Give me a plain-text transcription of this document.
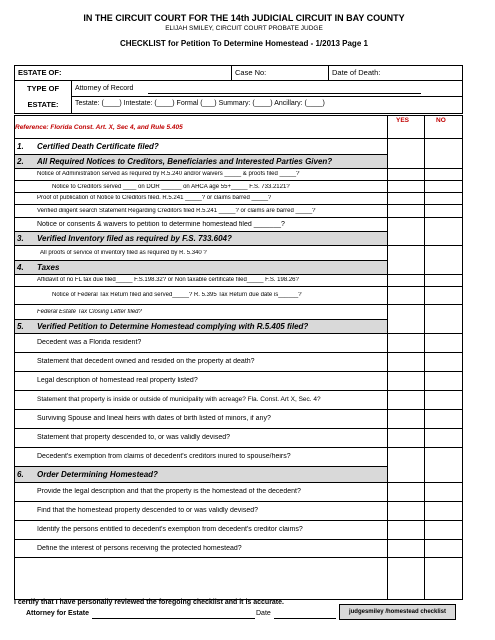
IN THE CIRCUIT COURT FOR THE 14th JUDICIAL CIRCUIT IN BAY COUNTY
ELIJAH SMILEY, CIRCUIT COURT PROBATE JUDGE
CHECKLIST for Petition To Determine Homestead - 1/2013 Page 1
ESTATE OF:	Case No:	Date of Death:
TYPE OF
ESTATE:
Attorney of Record
Testate: (____) Intestate: (____) Formal (___) Summary: (____) Ancillary: (____)
Reference: Florida Const. Art. X, Sec 4, and Rule 5.405
YES	NO
1. Certified Death Certificate filed?
2. All Required Notices to Creditors, Beneficiaries and Interested Parties Given?
Notice of Administration served as required by R.5.240 and/or waivers _____ & proofs filed _____?
Notice to Creditors served ____ on DOR ______ on AHCA age 55+_____ F.S. 733.2121?
Proof of publication of Notice to Creditors filed. R.5.241 _____? or claims barred _____?
Verified diligent search Statement Regarding Creditors filed R.5.241 _____? or claims are barred _____?
Notice or consents & waivers to petition to determine homestead filed _______?
3. Verified Inventory filed as required by F.S. 733.604?
All proofs of service of inventory filed as required by R. 5.340 ?
4. Taxes
Affidavit of no FL tax due filed_____ F.S.198.32? or Non taxable certificate filed_____ F.S. 198.26?
Notice of Federal Tax Return filed and served_____? R. 5.395 Tax Return due date is______?
Federal Estate Tax Closing Letter filed?
5. Verified Petition to Determine Homestead complying with R.5.405 filed?
Decedent was a Florida resident?
Statement that decedent owned and resided on the property at death?
Legal description of homestead real property listed?
Statement that property is inside or outside of municipality with acreage? Fla. Const. Art X, Sec. 4?
Surviving Spouse and lineal heirs with dates of birth listed of minors, if any?
Statement that property descended to, or was validly devised?
Decedent's exemption from claims of decedent's creditors inured to spouse/heirs?
6. Order Determining Homestead?
Provide the legal description and that the property is the homestead of the decedent?
Find that the homestead property descended to or was validly devised?
Identify the persons entitled to decedent's exemption from decedent's creditor claims?
Define the interest of persons receiving the protected homestead?
I certify that I have personally reviewed the foregoing checklist and it is accurate.
Attorney for Estate	Date	judgesmiley /homestead checklist
